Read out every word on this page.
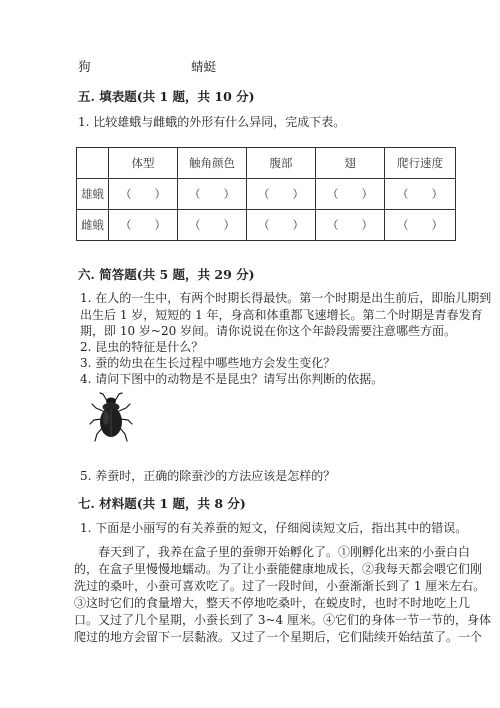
狗	蜻蜓
五. 填表题(共 1 题，共 10 分)
1. 比较雄蛾与雌蛾的外形有什么异同，完成下表。
	体型	触角颜色	腹部	翅	爬行速度
雄蛾	（　　）	（　　）	（　　）	（　　）	（　　）
雌蛾	（　　）	（　　）	（　　）	（　　）	（　　）
六. 简答题(共 5 题，共 29 分)
1. 在人的一生中，有两个时期长得最快。第一个时期是出生前后，即胎儿期到
出生后 1 岁，短短的 1 年，身高和体重都飞速增长。第二个时期是青春发育
期，即 10 岁~20 岁间。请你说说在你这个年龄段需要注意哪些方面。
2. 昆虫的特征是什么？
3. 蚕的幼虫在生长过程中哪些地方会发生变化？
4. 请问下图中的动物是不是昆虫？请写出你判断的依据。
5. 养蚕时，正确的除蚕沙的方法应该是怎样的？
七. 材料题(共 1 题，共 8 分)
1. 下面是小丽写的有关养蚕的短文，仔细阅读短文后，指出其中的错误。
　　春天到了，我养在盒子里的蚕卵开始孵化了。①刚孵化出来的小蚕白白
的，在盒子里慢慢地蠕动。为了让小蚕能健康地成长，②我每天都会喂它们刚
洗过的桑叶，小蚕可喜欢吃了。过了一段时间，小蚕渐渐长到了 1 厘米左右。
③这时它们的食量增大，整天不停地吃桑叶，在蜕皮时，也时不时地吃上几
口。又过了几个星期，小蚕长到了 3~4 厘米。④它们的身体一节一节的，身体
爬过的地方会留下一层黏液。又过了一个星期后，它们陆续开始结茧了。一个
